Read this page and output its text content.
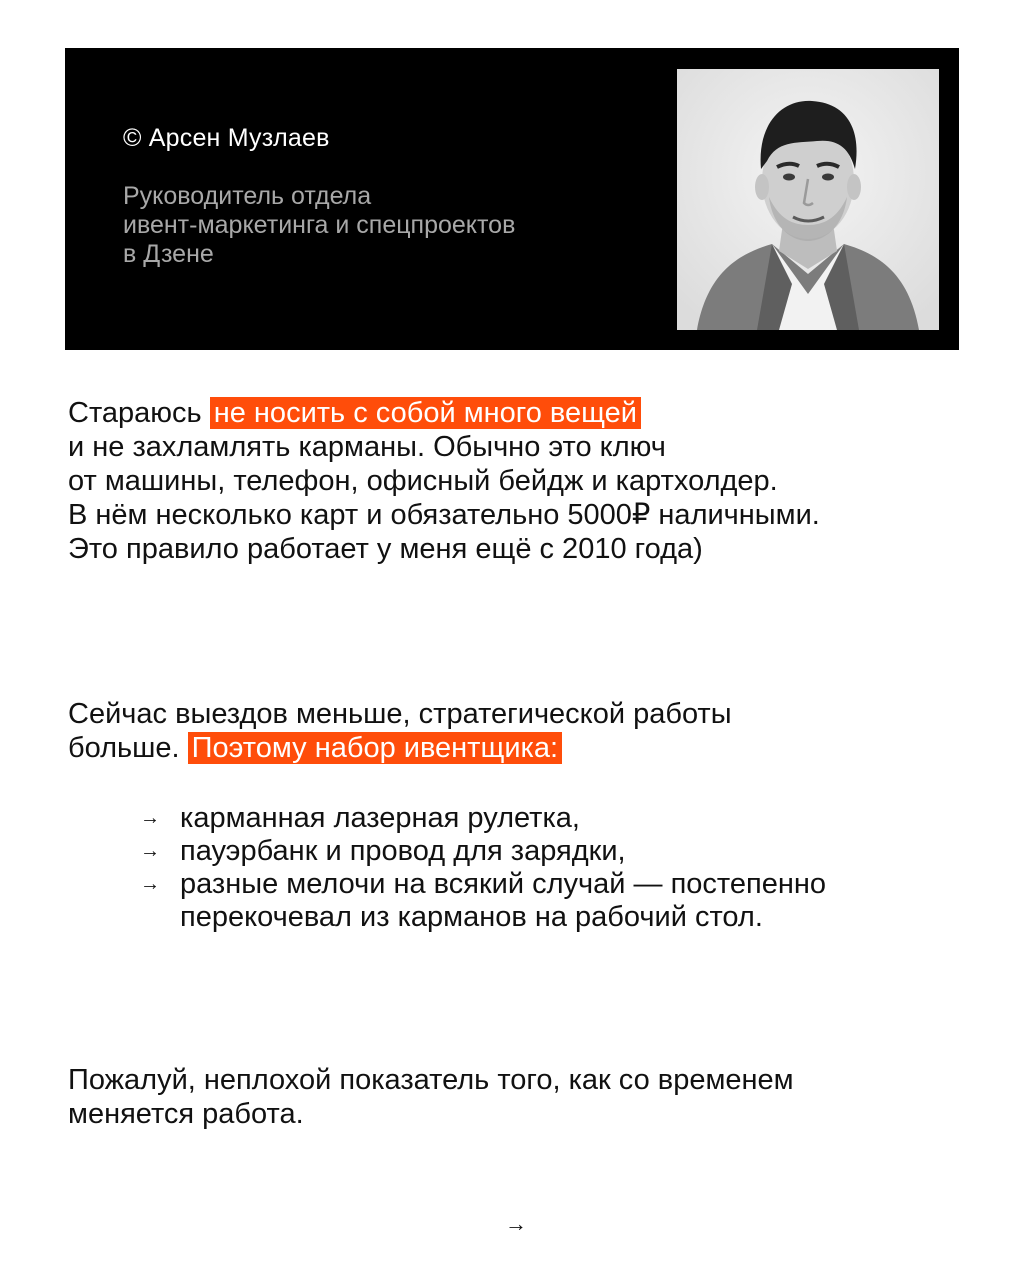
© Арсен Музлаев
Руководитель отдела
ивент-маркетинга и спецпроектов
в Дзене
Стараюсь не носить с собой много вещей
и не захламлять карманы. Обычно это ключ
от машины, телефон, офисный бейдж и картхолдер.
В нём несколько карт и обязательно 5000₽ наличными.
Это правило работает у меня ещё с 2010 года)
Сейчас выездов меньше, стратегической работы
больше. Поэтому набор ивентщика:
→ карманная лазерная рулетка,
→ пауэрбанк и провод для зарядки,
→ разные мелочи на всякий случай — постепенно
перекочевал из карманов на рабочий стол.
Пожалуй, неплохой показатель того, как со временем
меняется работа.
→
